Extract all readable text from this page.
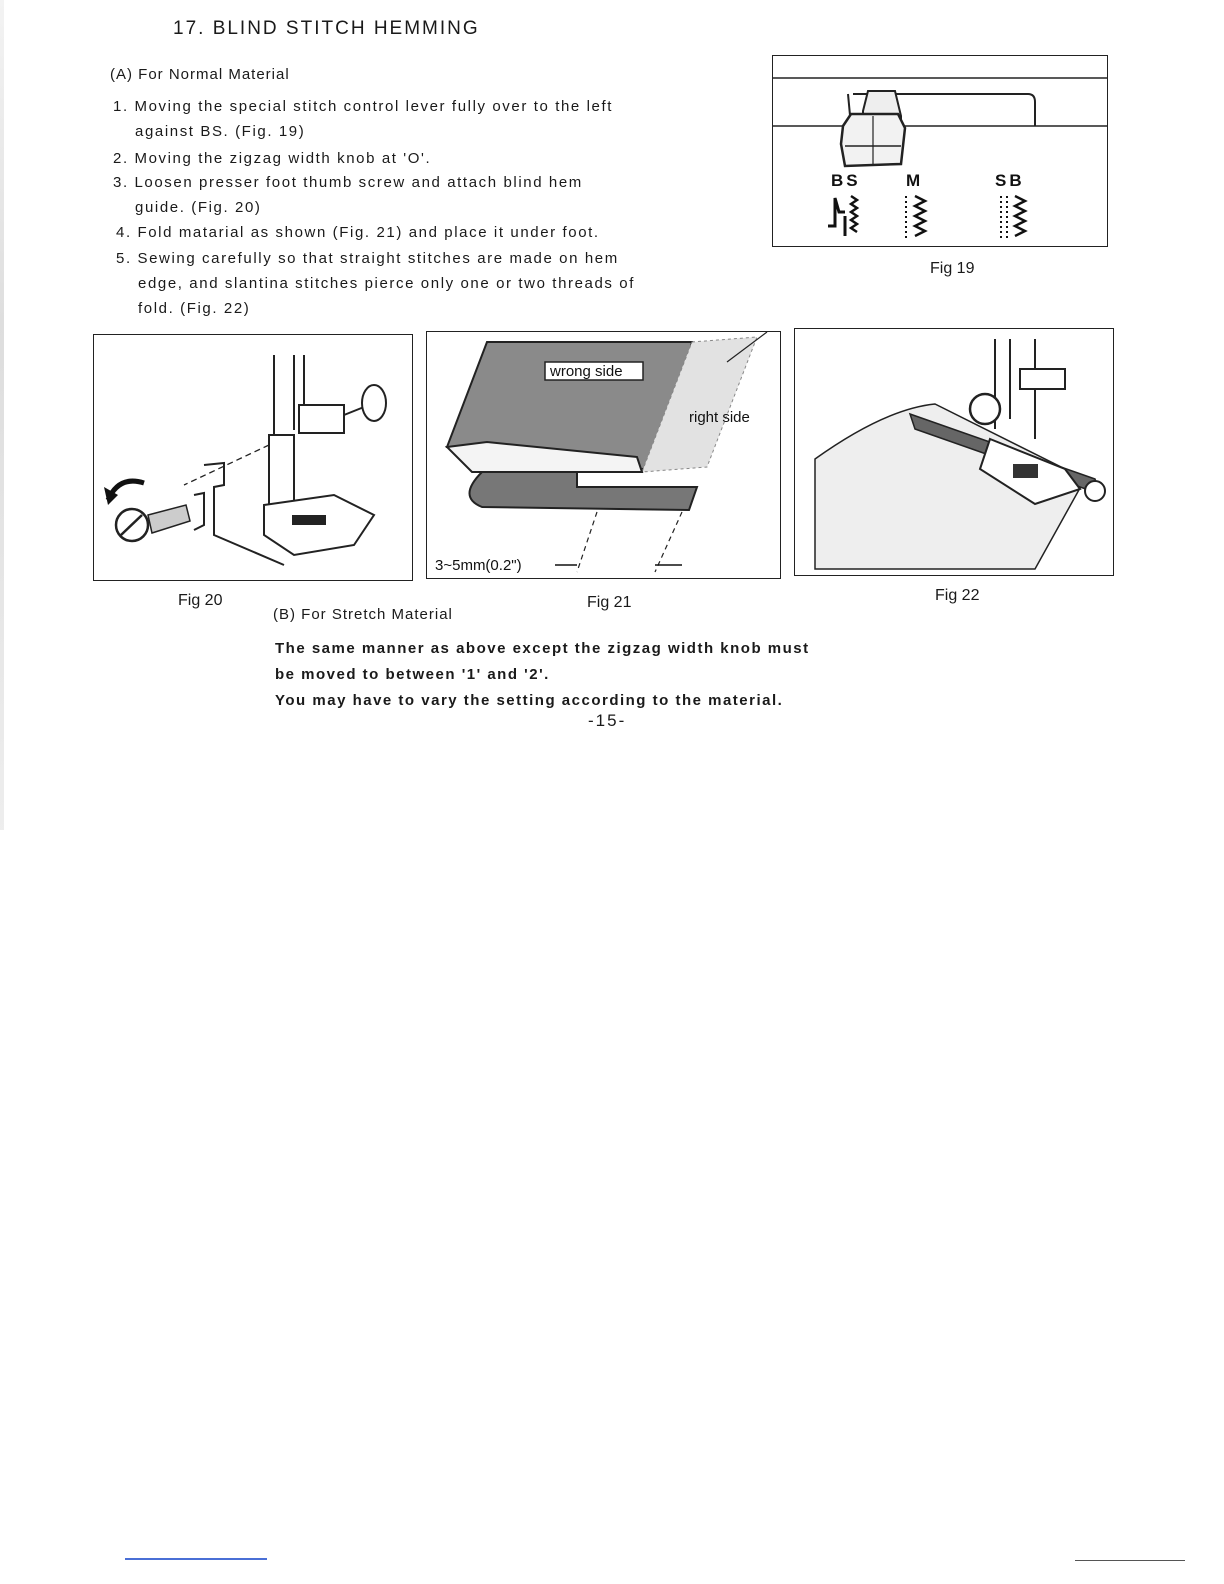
17. BLIND STITCH HEMMING
(A) For Normal Material
1. Moving the special stitch control lever fully over to the left
against BS. (Fig. 19)
2. Moving the zigzag width knob at 'O'.
3. Loosen presser foot thumb screw and attach blind hem
guide. (Fig. 20)
4. Fold matarial as shown (Fig. 21) and place it under foot.
5. Sewing carefully so that straight stitches are made on hem
edge, and slantina stitches pierce only one or two threads of
fold. (Fig. 22)
BS	M	SB
Fig 19
Fig 20
wrong side
right side
3~5mm(0.2")
Fig 21	Fig 22
(B) For Stretch Material
The same manner as above except the zigzag width knob must
be moved to between '1' and '2'.
You may have to vary the setting according to the material.
-15-
